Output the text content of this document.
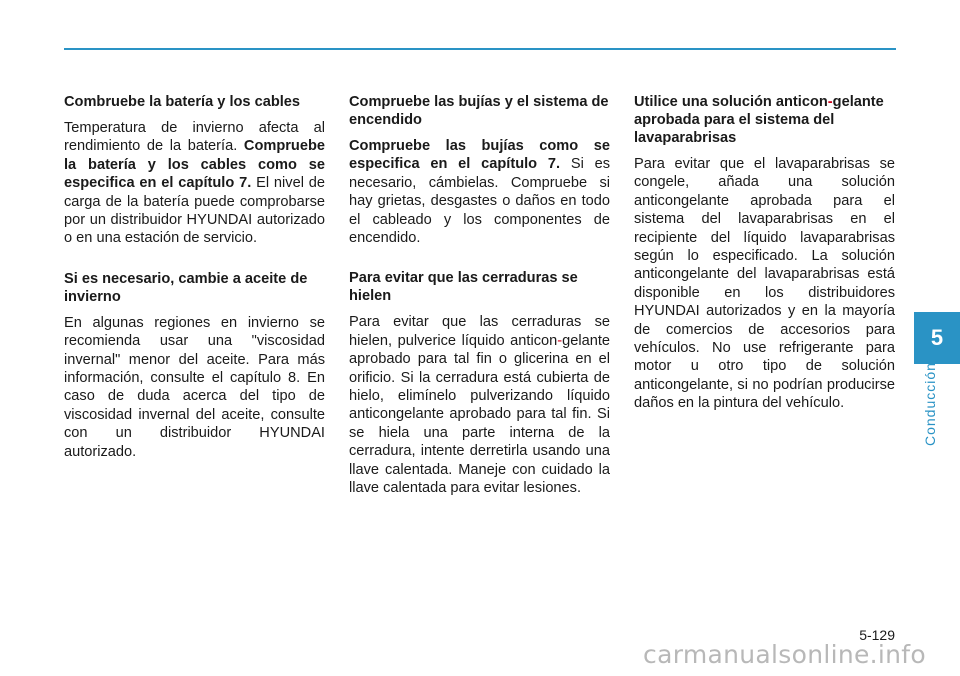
Combruebe la batería y los cables

Temperatura de invierno afecta al rendimiento de la batería. Compruebe la batería y los cables como se especifica en el capítulo 7. El nivel de carga de la batería puede comprobarse por un distribuidor HYUNDAI autorizado o en una estación de servicio.

Si es necesario, cambie a aceite de invierno

En algunas regiones en invierno se recomienda usar una "viscosidad invernal" menor del aceite. Para más información, consulte el capítulo 8. En caso de duda acerca del tipo de viscosidad invernal del aceite, consulte con un distribuidor HYUNDAI autorizado.

Compruebe las bujías y el sistema de encendido

Compruebe las bujías como se especifica en el capítulo 7. Si es necesario, cámbielas. Compruebe si hay grietas, desgastes o daños en todo el cableado y los componentes de encendido.

Para evitar que las cerraduras se hielen

Para evitar que las cerraduras se hielen, pulverice líquido anticon-gelante aprobado para tal fin o glicerina en el orificio. Si la cerradura está cubierta de hielo, elimínelo pulverizando líquido anticongelante aprobado para tal fin. Si se hiela una parte interna de la cerradura, intente derretirla usando una llave calentada. Maneje con cuidado la llave calentada para evitar lesiones.

Utilice una solución anticon-gelante aprobada para el sistema del lavaparabrisas

Para evitar que el lavaparabrisas se congele, añada una solución anticongelante aprobada para el sistema del lavaparabrisas en el recipiente del líquido lavaparabrisas según lo especificado. La solución anticongelante del lavaparabrisas está disponible en los distribuidores HYUNDAI autorizados y en la mayoría de comercios de accesorios para vehículos. No use refrigerante para motor u otro tipo de solución anticongelante, si no podrían producirse daños en la pintura del vehículo.

5
Conducción
5-129
carmanualsonline.info
